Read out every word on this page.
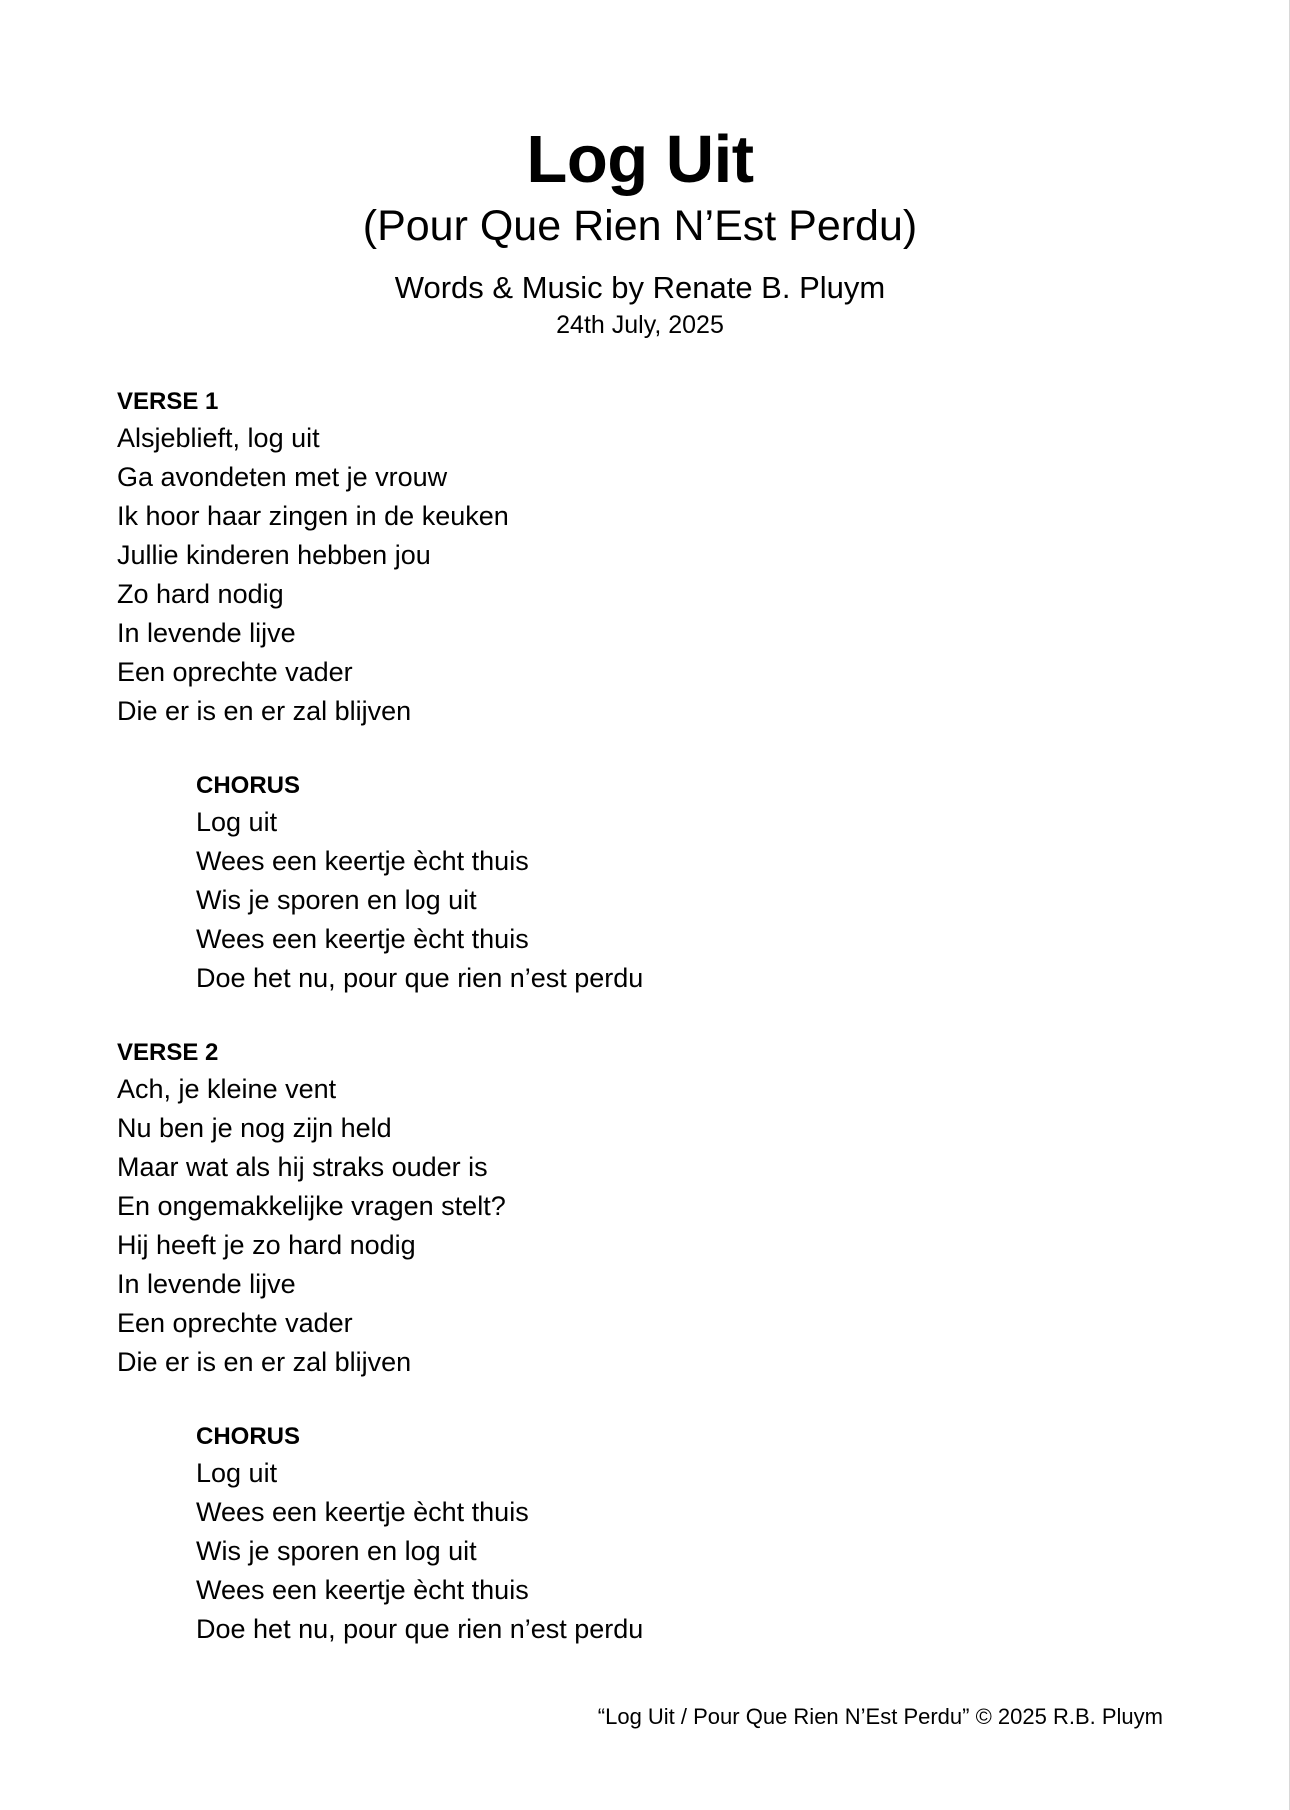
Log Uit
(Pour Que Rien N’Est Perdu)
Words & Music by Renate B. Pluym
24th July, 2025
VERSE 1
Alsjeblieft, log uit
Ga avondeten met je vrouw
Ik hoor haar zingen in de keuken
Jullie kinderen hebben jou
Zo hard nodig
In levende lijve
Een oprechte vader
Die er is en er zal blijven
CHORUS
Log uit
Wees een keertje ècht thuis
Wis je sporen en log uit
Wees een keertje ècht thuis
Doe het nu, pour que rien n’est perdu
VERSE 2
Ach, je kleine vent
Nu ben je nog zijn held
Maar wat als hij straks ouder is
En ongemakkelijke vragen stelt?
Hij heeft je zo hard nodig
In levende lijve
Een oprechte vader
Die er is en er zal blijven
CHORUS
Log uit
Wees een keertje ècht thuis
Wis je sporen en log uit
Wees een keertje ècht thuis
Doe het nu, pour que rien n’est perdu
“Log Uit / Pour Que Rien N’Est Perdu” © 2025 R.B. Pluym
